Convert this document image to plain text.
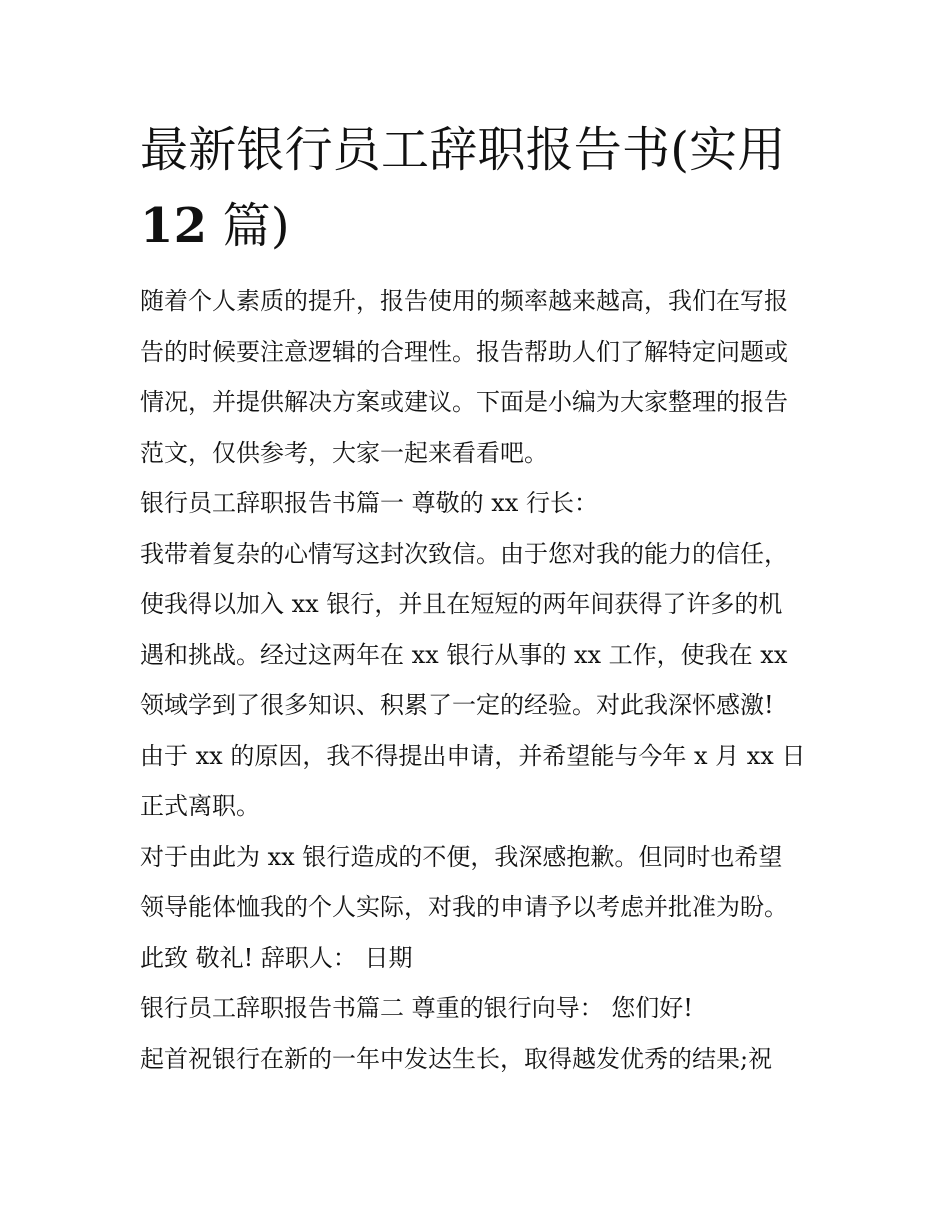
最新银行员工辞职报告书(实用
12 篇)
随着个人素质的提升，报告使用的频率越来越高，我们在写报
告的时候要注意逻辑的合理性。报告帮助人们了解特定问题或
情况，并提供解决方案或建议。下面是小编为大家整理的报告
范文，仅供参考，大家一起来看看吧。
银行员工辞职报告书篇一 尊敬的 xx 行长：
我带着复杂的心情写这封次致信。由于您对我的能力的信任，
使我得以加入 xx 银行，并且在短短的两年间获得了许多的机
遇和挑战。经过这两年在 xx 银行从事的 xx 工作，使我在 xx
领域学到了很多知识、积累了一定的经验。对此我深怀感激!
由于 xx 的原因，我不得提出申请，并希望能与今年 x 月 xx 日
正式离职。
对于由此为 xx 银行造成的不便，我深感抱歉。但同时也希望
领导能体恤我的个人实际，对我的申请予以考虑并批准为盼。
此致 敬礼! 辞职人： 日期
银行员工辞职报告书篇二 尊重的银行向导： 您们好!
起首祝银行在新的一年中发达生长，取得越发优秀的结果;祝
